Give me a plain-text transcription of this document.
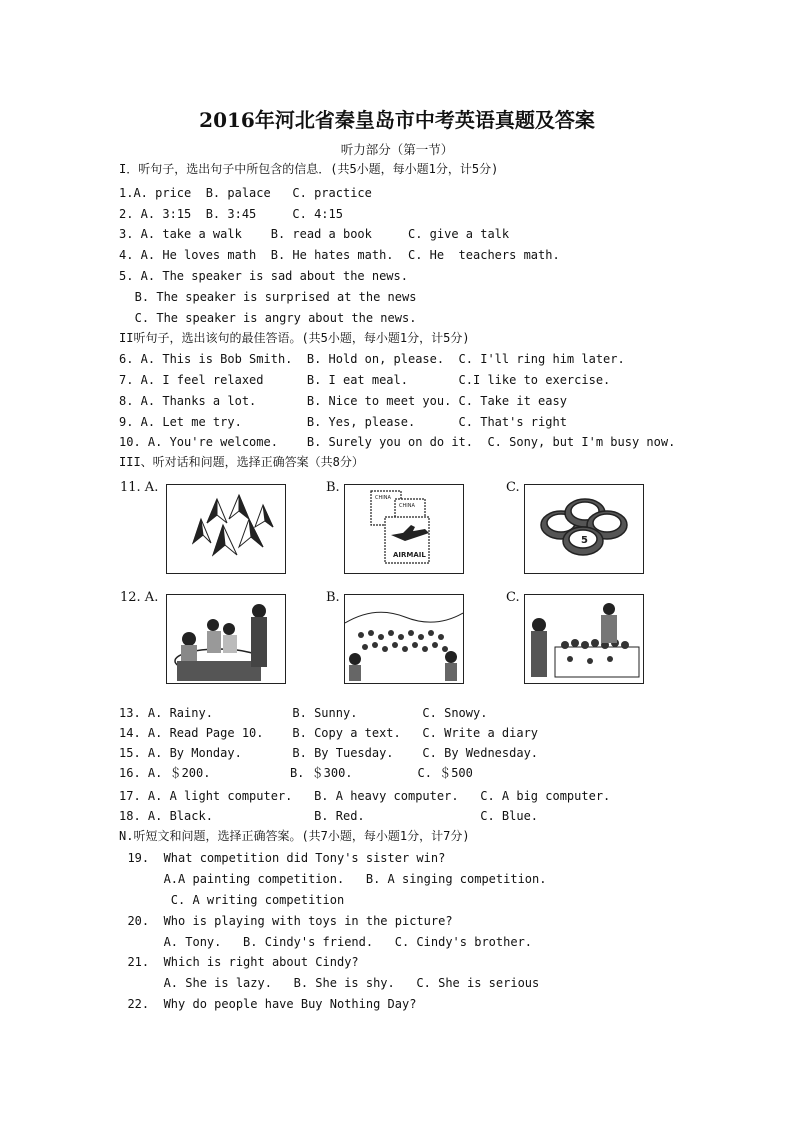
2016年河北省秦皇岛市中考英语真题及答案
听力部分（第一节）
I．听句子，选出句子中所包含的信息．(共5小题，每小题1分，计5分)
1.A. price  B. palace   C. practice
2. A. 3:15  B. 3:45     C. 4:15
3. A. take a walk    B. read a book     C. give a talk
4. A. He loves math  B. He hates math.  C. He  teachers math.
5. A. The speaker is sad about the news.
B. The speaker is surprised at the news
C. The speaker is angry about the news.
II听句子，选出该句的最佳答语。(共5小题，每小题1分，计5分)
6. A. This is Bob Smith.  B. Hold on, please.  C. I'll ring him later.
7. A. I feel relaxed      B. I eat meal.       C.I like to exercise.
8. A. Thanks a lot.       B. Nice to meet you. C. Take it easy
9. A. Let me try.         B. Yes, please.      C. That's right
10. A. You're welcome.    B. Surely you on do it.  C. Sony, but I'm busy now.
III、听对话和问题，选择正确答案（共8分）
11. A.	B.
CHINA
CHINA
AIRMAIL
C.
5
12. A.	B.	C.
13. A. Rainy.           B. Sunny.         C. Snowy.
14. A. Read Page 10.    B. Copy a text.   C. Write a diary
15. A. By Monday.       B. By Tuesday.    C. By Wednesday.
16. A. ＄200.           B. ＄300.         C. ＄500
17. A. A light computer.   B. A heavy computer.   C. A big computer.
18. A. Black.              B. Red.                C. Blue.
N.听短文和问题，选择正确答案。(共7小题，每小题1分，计7分)
19.  What competition did Tony's sister win?
A.A painting competition.   B. A singing competition.
C. A writing competition
20.  Who is playing with toys in the picture?
A. Tony.   B. Cindy's friend.   C. Cindy's brother.
21.  Which is right about Cindy?
A. She is lazy.   B. She is shy.   C. She is serious
22.  Why do people have Buy Nothing Day?
